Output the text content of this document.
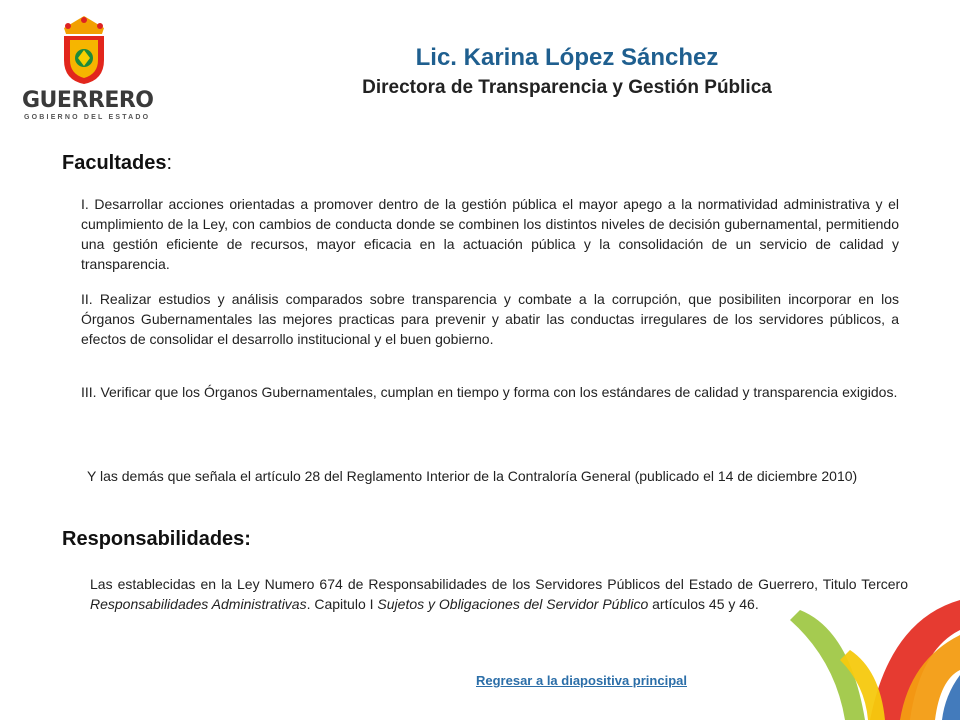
GUERRERO
GOBIERNO DEL ESTADO
Lic. Karina López Sánchez
Directora de Transparencia y Gestión Pública
Facultades:

I. Desarrollar acciones orientadas a promover dentro de la gestión pública el mayor apego a la normatividad administrativa y el cumplimiento de la Ley, con cambios de conducta donde se combinen los distintos niveles de decisión gubernamental, permitiendo una gestión eficiente de recursos, mayor eficacia en la actuación pública y la consolidación de un servicio de calidad y transparencia.

II. Realizar estudios y análisis comparados sobre transparencia y combate a la corrupción, que posibiliten incorporar en los Órganos Gubernamentales las mejores practicas para prevenir y abatir las conductas irregulares de los servidores públicos, a efectos de consolidar el desarrollo institucional y el buen gobierno.

III. Verificar que los Órganos Gubernamentales, cumplan en tiempo y forma con los estándares de calidad y transparencia exigidos.

Y las demás que señala el artículo 28 del Reglamento Interior de la Contraloría General (publicado el 14 de diciembre 2010)

Responsabilidades:

Las establecidas en la Ley Numero 674 de Responsabilidades de los Servidores Públicos del Estado de Guerrero, Titulo Tercero Responsabilidades Administrativas. Capitulo I Sujetos y Obligaciones del Servidor Público artículos 45 y 46.

Regresar a la diapositiva principal
